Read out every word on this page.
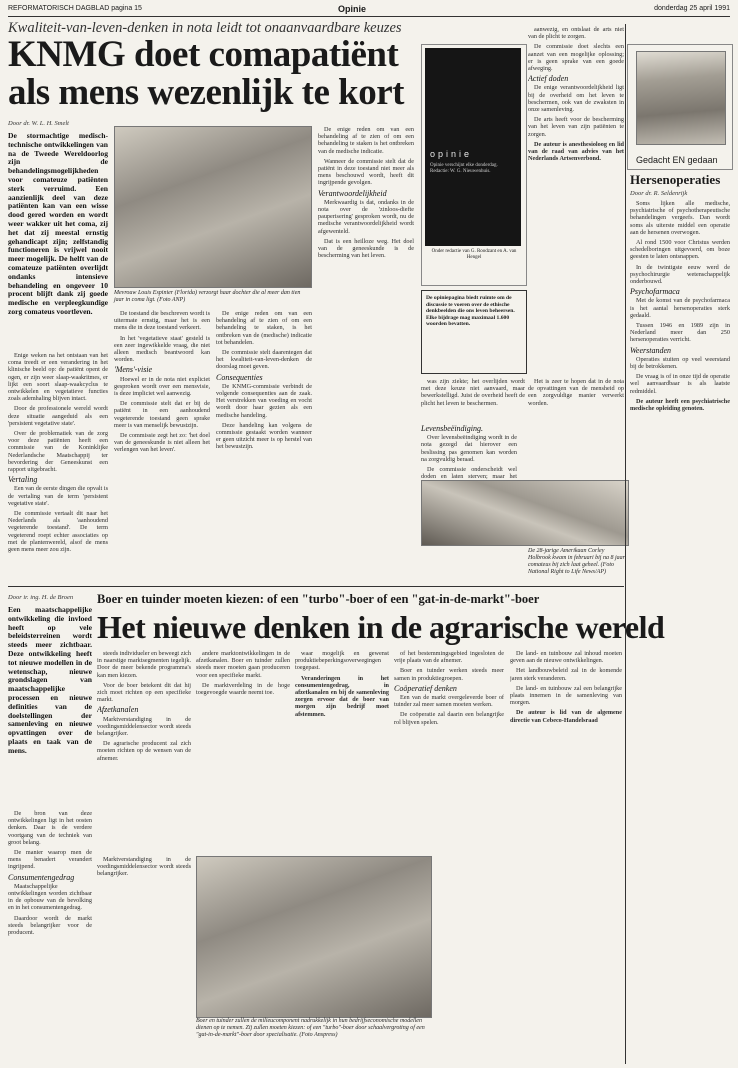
REFORMATORISCH DAGBLAD pagina 15	Opinie	donderdag 25 april 1991
Kwaliteit-van-leven-denken in nota leidt tot onaanvaardbare keuzes
KNMG doet comapatiënt als mens wezenlijk te kort
Door dr. W. L. H. Smelt
De stormachtige medisch-technische ontwikkelingen van na de Tweede Wereldoorlog zijn de behandelingsmogelijkheden voor comateuze patiënten sterk verruimd. Een aanzienlijk deel van deze patiënten kan van een wisse dood gered worden en wordt weer wakker uit het coma, zij het dat zij meestal ernstig gehandicapt zijn; zelfstandig functioneren is vrijwel nooit meer mogelijk. De helft van de comateuze patiënten overlijdt ondanks intensieve behandeling en ongeveer 10 procent blijft dank zij goede medische en verpleegkundige zorg comateus voortleven.

Enige weken na het ontstaan van het coma treedt er een verandering in het klinische beeld op: de patiënt opent de ogen, er zijn weer slaap-waakritmes, er lijkt een soort slaap-waakcyclus te ontwikkelen en vegetatieve functies zoals ademhaling blijven intact.

Door de professionele wereld wordt deze situatie aangeduid als een 'persistent vegetative state'.

Over de problematiek van de zorg voor deze patiënten heeft een commissie van de Koninklijke Nederlandsche Maatschappij ter bevordering der Geneeskunst een rapport uitgebracht.

Vertaling

Een van de eerste dingen die opvalt is de vertaling van de term 'persistent vegetative state'.

De commissie vertaalt dit naar het Nederlands als 'aanhoudend vegeterende toestand'. De term vegeterend roept echter associaties op met de plantenwereld, alsof de mens geen mens meer zou zijn.

Mevrouw Louis Espinier (Florida) verzorgt haar dochter die al meer dan tien jaar in coma ligt. (Foto ANP)

De toestand die beschreven wordt is uitermate ernstig, maar het is een mens die in deze toestand verkeert.

In het 'vegetatieve staat' gesteld is een zeer ingewikkelde vraag, die niet alleen medisch beantwoord kan worden.

'Mens'-visie

Hoewel er in de nota niet expliciet gesproken wordt over een mensvisie, is deze impliciet wel aanwezig.

De commissie stelt dat er bij de patiënt in een aanhoudend vegeterende toestand geen sprake meer is van menselijk bewustzijn.

De commissie zegt het zo: 'het doel van de geneeskunde is niet alleen het verlengen van het leven'.

De enige reden om van een behandeling af te zien of om een behandeling te staken, is het ontbreken van de (medische) indicatie tot behandelen.

De commissie stelt daarentegen dat het kwaliteit-van-leven-denken de doorslag moet geven.

Consequenties

De KNMG-commissie verbindt de volgende consequenties aan de zaak. Het verstrekken van voeding en vocht wordt door haar gezien als een medische handeling.

Deze handeling kan volgens de commissie gestaakt worden wanneer er geen uitzicht meer is op herstel van het bewustzijn.

De enige reden om van een behandeling af te zien of om een behandeling te staken is het ontbreken van de medische indicatie.

Wanneer de commissie stelt dat de patiënt in deze toestand niet meer als mens beschouwd wordt, heeft dit ingrijpende gevolgen.

Verantwoordelijkheid

Merkwaardig is dat, ondanks in de nota over de 'zinloos-diefte pauperisering' gesproken wordt, nu de medische verantwoordelijkheid wordt afgewenteld.

Dat is een heilloze weg. Het doel van de geneeskunde is de bescherming van het leven.

opinie
Opinie verschijnt elke donderdag. Redactie: W. G. Nieuwenhuis.
Onder redactie van G. Roodzant en A. van Hengel
De opiniepagina biedt ruimte om de discussie te voeren over de ethische denkbeelden die ons leven beheersen. Elke bijdrage mag maximaal 1.600 woorden bevatten.

was zijn ziekte; het overlijden wordt met deze keuze niet aanvaard, maar bewerkstelligd. Juist de overheid heeft de plicht het leven te beschermen.

Het is zeer te hopen dat in de nota de opvattingen van de mensheid op een zorgvuldige manier verwerkt worden.

Levensbeëindiging.

Over levensbeëindiging wordt in de nota gezegd dat hierover een beslissing pas genomen kan worden na zorgvuldig beraad.

De commissie onderscheidt wel doden en laten sterven; maar het

De 28-jarige Amerikaan Corley Holbrook kwam in februari bij na 8 jaar comateus bij zich laat geheel. (Foto National Right to Life News/AP)

aanwezig, en ontslaat de arts niet van de plicht te zorgen.

De commissie doet slechts een aanzet van een mogelijke oplossing; er is geen sprake van een goede afweging.

Actief doden

De enige verantwoordelijkheid ligt bij de overheid om het leven te beschermen, ook van de zwaksten in onze samenleving.

De arts heeft voor de bescherming van het leven van zijn patiënten te zorgen.

De auteur is anesthesioloog en lid van de raad van advies van het Nederlands Artsenverbond.	Gedacht EN gedaan
Hersenoperaties
Door dr. R. Seldenrijk

Soms lijken alle medische, psychiatrische of psychotherapeutische behandelingen vergeefs. Dan wordt soms als uiterste middel een operatie aan de hersenen overwogen.

Al rond 1500 voor Christus werden schedelboringen uitgevoerd, om boze geesten te laten ontsnappen.

In de twintigste eeuw werd de psychochirurgie wetenschappelijk onderbouwd.

Psychofarmaca

Met de komst van de psychofarmaca is het aantal hersenoperaties sterk gedaald.

Tussen 1946 en 1989 zijn in Nederland meer dan 250 hersenoperaties verricht.

Weerstanden

Operaties stuiten op veel weerstand bij de betrokkenen.

De vraag is of in onze tijd de operatie wel aanvaardbaar is als laatste redmiddel.

De auteur heeft een psychiatrische medische opleiding genoten.

Door ir. ing. H. de Broen Boer en tuinder moeten kiezen: of een "turbo"-boer of een "gat-in-de-markt"-boer
Het nieuwe denken in de agrarische wereld
Een maatschappelijke ontwikkeling die invloed heeft op vele beleidsterreinen wordt steeds meer zichtbaar. Deze ontwikkeling heeft tot nieuwe modellen in de wetenschap, nieuwe grondslagen van maatschappelijke processen en nieuwe definities van de doelstellingen der samenleving en nieuwe opvattingen over de plaats en taak van de mens.

De bron van deze ontwikkelingen ligt in het oosten denken. Daar is de verdere voortgang van de techniek van groot belang.

De manier waarop men de mens benadert verandert ingrijpend.

Consumentengedrag

Maatschappelijke ontwikkelingen worden zichtbaar in de opbouw van de bevolking en in het consumentengedrag.

Daardoor wordt de markt steeds belangrijker voor de producent.

steeds individueler en beweegt zich in naarstige marktsegmenten tegelijk. Door de meer bekende programma's kan men kiezen.

Voor de boer betekent dit dat hij zich moet richten op een specifieke markt.

Afzetkanalen

Marktverstandiging in de voedingsmiddelensector wordt steeds belangrijker.

De agrarische producent zal zich moeten richten op de wensen van de afnemer.

andere marktontwikkelingen in de afzetkanalen. Boer en tuinder zullen steeds meer moeten gaan produceren voor een specifieke markt.

De marktverdeling in de hoge toegevoegde waarde neemt toe.

waar mogelijk en gewenst produktiebeperkingsoverwegingen toegepast.

Veranderingen in het consumentengedrag, in afzetkanalen en bij de samenleving zorgen ervoor dat de boer van morgen zijn bedrijf moet afstemmen.

Boer en tuinder zullen de milieucomponent nadrukkelijk in hun bedrijfseconomische modellen dienen op te nemen. Zij zullen moeten kiezen: of een "turbo"-boer door schaalvergroting of een "gat-in-de-markt"-boer door specialisatie. (Foto Anspress)

Marktverstandiging in de voedingsmiddelensector wordt steeds belangrijker.

of het bestemmingsgebied ingesloten de vrije plaats van de afnemer.

Boer en tuinder werken steeds meer samen in produktiegroepen.

Coöperatief denken

Een van de markt overgeleverde boer of tuinder zal meer samen moeten werken.

De coöperatie zal daarin een belangrijke rol blijven spelen.

De land- en tuinbouw zal inhoud moeten geven aan de nieuwe ontwikkelingen.

Het landbouwbeleid zal in de komende jaren sterk veranderen.

De land- en tuinbouw zal een belangrijke plaats innemen in de samenleving van morgen.

De auteur is lid van de algemene directie van Cebeco-Handelsraad
